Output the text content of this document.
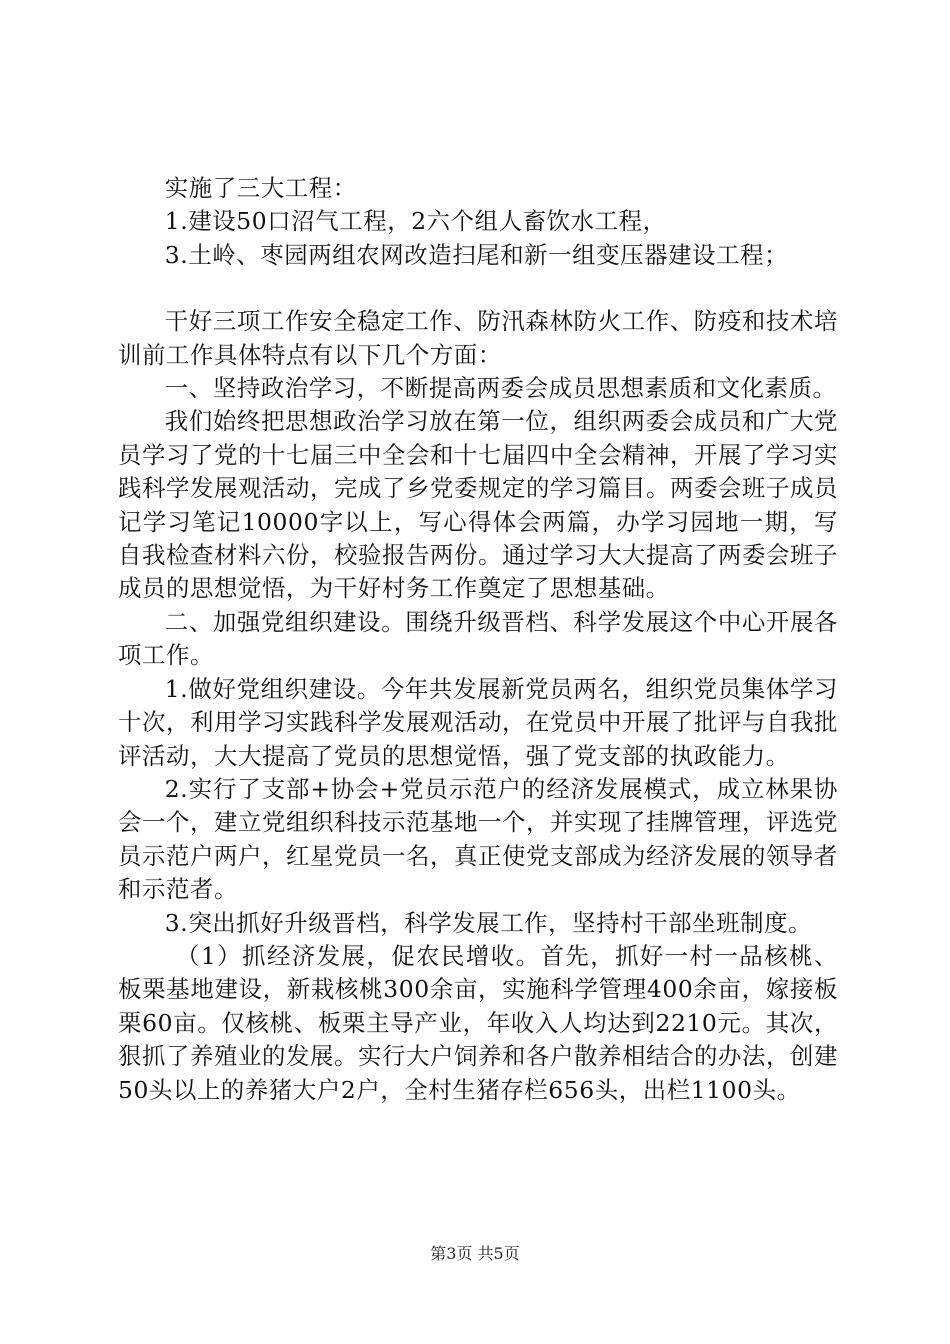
实施了三大工程：

1.建设50口沼气工程，2六个组人畜饮水工程，

3.土岭、枣园两组农网改造扫尾和新一组变压器建设工程；

干好三项工作安全稳定工作、防汛森林防火工作、防疫和技术培训前工作具体特点有以下几个方面：

一、坚持政治学习，不断提高两委会成员思想素质和文化素质。

我们始终把思想政治学习放在第一位，组织两委会成员和广大党员学习了党的十七届三中全会和十七届四中全会精神，开展了学习实践科学发展观活动，完成了乡党委规定的学习篇目。两委会班子成员记学习笔记10000字以上，写心得体会两篇，办学习园地一期，写自我检查材料六份，校验报告两份。通过学习大大提高了两委会班子成员的思想觉悟，为干好村务工作奠定了思想基础。

二、加强党组织建设。围绕升级晋档、科学发展这个中心开展各项工作。

1.做好党组织建设。今年共发展新党员两名，组织党员集体学习十次，利用学习实践科学发展观活动，在党员中开展了批评与自我批评活动，大大提高了党员的思想觉悟，强了党支部的执政能力。

2.实行了支部+协会+党员示范户的经济发展模式，成立林果协会一个，建立党组织科技示范基地一个，并实现了挂牌管理，评选党员示范户两户，红星党员一名，真正使党支部成为经济发展的领导者和示范者。

3.突出抓好升级晋档，科学发展工作，坚持村干部坐班制度。

（1）抓经济发展，促农民增收。首先，抓好一村一品核桃、板栗基地建设，新栽核桃300余亩，实施科学管理400余亩，嫁接板栗60亩。仅核桃、板栗主导产业，年收入人均达到2210元。其次，狠抓了养殖业的发展。实行大户饲养和各户散养相结合的办法，创建50头以上的养猪大户2户，全村生猪存栏656头，出栏1100头。

第3页 共5页
